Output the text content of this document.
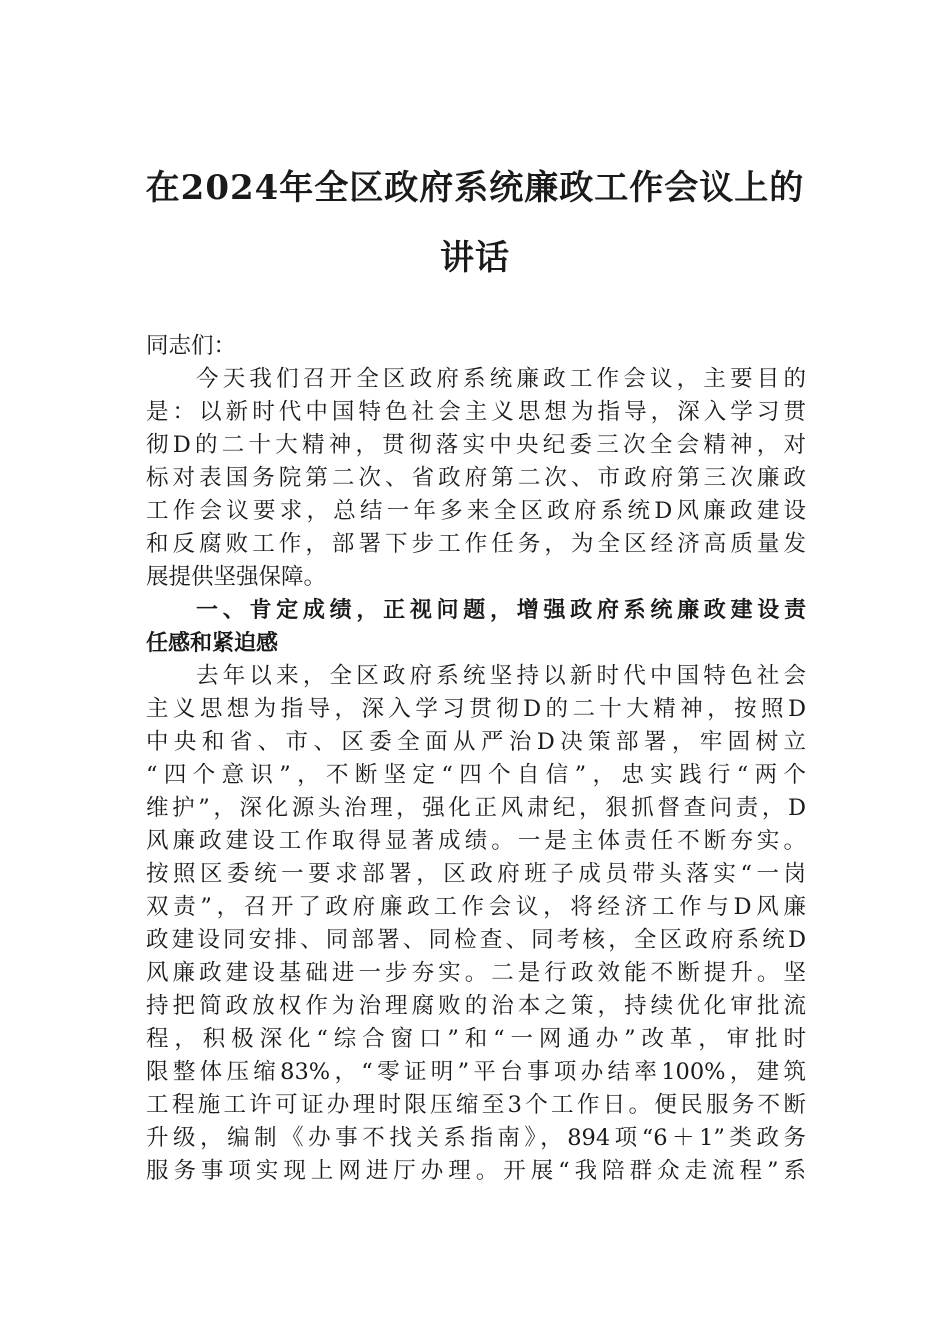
在2024年全区政府系统廉政工作会议上的
讲话
同志们：
今天我们召开全区政府系统廉政工作会议，主要目的
是：以新时代中国特色社会主义思想为指导，深入学习贯
彻D的二十大精神，贯彻落实中央纪委三次全会精神，对
标对表国务院第二次、省政府第二次、市政府第三次廉政
工作会议要求，总结一年多来全区政府系统D风廉政建设
和反腐败工作，部署下步工作任务，为全区经济高质量发
展提供坚强保障。
一、肯定成绩，正视问题，增强政府系统廉政建设责
任感和紧迫感
去年以来，全区政府系统坚持以新时代中国特色社会
主义思想为指导，深入学习贯彻D的二十大精神，按照D
中央和省、市、区委全面从严治D决策部署，牢固树立
“四个意识”，不断坚定“四个自信”，忠实践行“两个
维护”，深化源头治理，强化正风肃纪，狠抓督查问责，D
风廉政建设工作取得显著成绩。一是主体责任不断夯实。
按照区委统一要求部署，区政府班子成员带头落实“一岗
双责”，召开了政府廉政工作会议，将经济工作与D风廉
政建设同安排、同部署、同检查、同考核，全区政府系统D
风廉政建设基础进一步夯实。二是行政效能不断提升。坚
持把简政放权作为治理腐败的治本之策，持续优化审批流
程，积极深化“综合窗口”和“一网通办”改革，审批时
限整体压缩83%，“零证明”平台事项办结率100%，建筑
工程施工许可证办理时限压缩至3个工作日。便民服务不断
升级，编制《办事不找关系指南》，894项“6＋1”类政务
服务事项实现上网进厅办理。开展“我陪群众走流程”系
